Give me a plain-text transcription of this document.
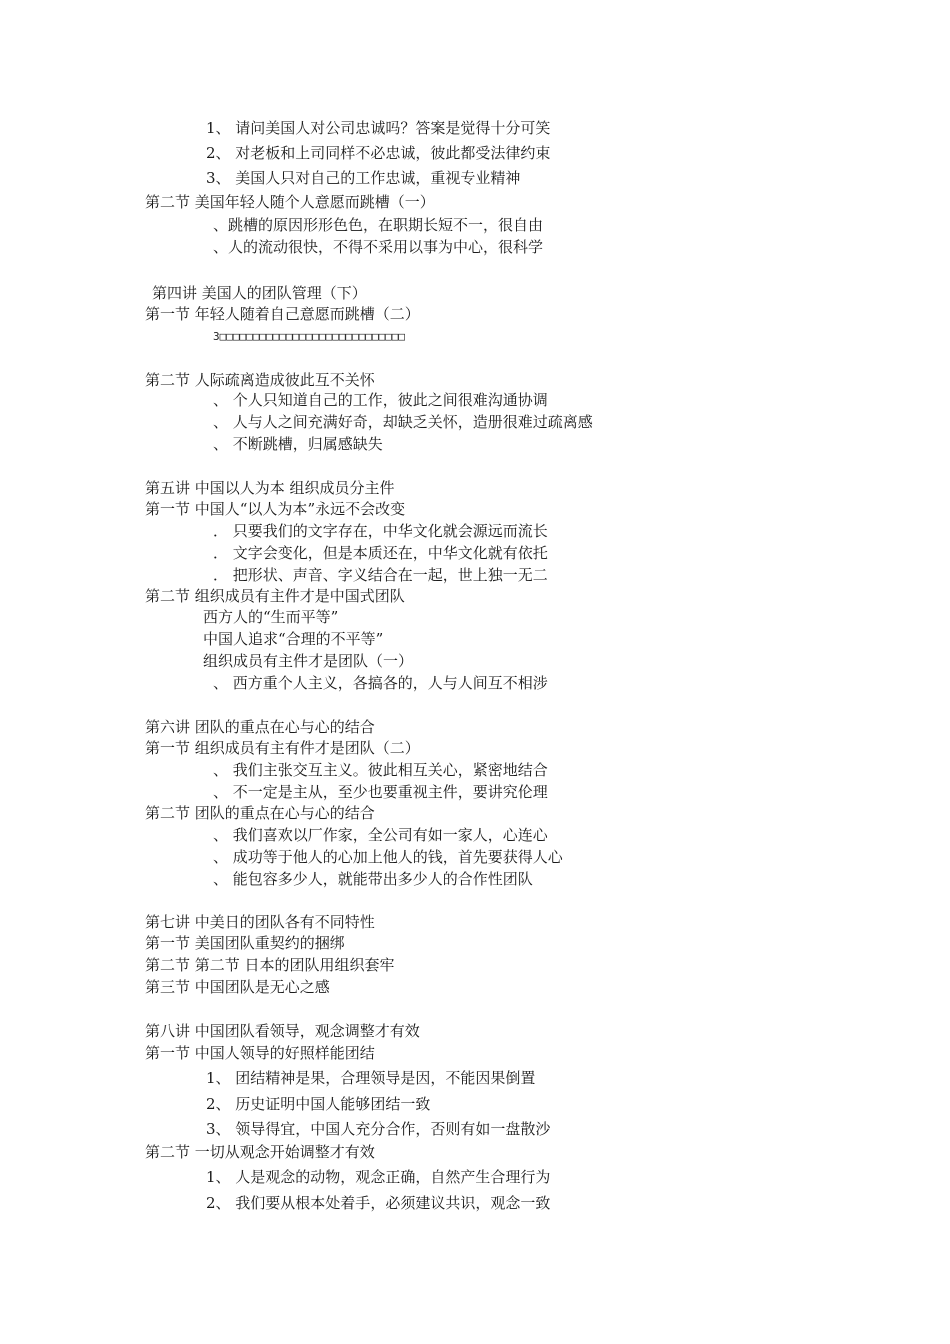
1、 请问美国人对公司忠诚吗？答案是觉得十分可笑
2、 对老板和上司同样不必忠诚，彼此都受法律约束
3、 美国人只对自己的工作忠诚，重视专业精神
第二节 美国年轻人随个人意愿而跳槽（一）
、跳槽的原因形形色色，在职期长短不一，很自由
、人的流动很快，不得不采用以事为中心，很科学
第四讲 美国人的团队管理（下）
第一节 年轻人随着自己意愿而跳槽（二）
3□□□□□□□□□□□□□□□□□□□□□□□□□□□□
第二节 人际疏离造成彼此互不关怀
、 个人只知道自己的工作，彼此之间很难沟通协调
、 人与人之间充满好奇，却缺乏关怀，造册很难过疏离感
、 不断跳槽，归属感缺失
第五讲 中国以人为本 组织成员分主件
第一节 中国人“以人为本”永远不会改变
． 只要我们的文字存在，中华文化就会源远而流长
． 文字会变化，但是本质还在，中华文化就有依托
． 把形状、声音、字义结合在一起，世上独一无二
第二节 组织成员有主件才是中国式团队
西方人的“生而平等”
中国人追求“合理的不平等”
组织成员有主件才是团队（一）
、 西方重个人主义，各搞各的，人与人间互不相涉
第六讲 团队的重点在心与心的结合
第一节 组织成员有主有件才是团队（二）
、 我们主张交互主义。彼此相互关心，紧密地结合
、 不一定是主从，至少也要重视主件，要讲究伦理
第二节 团队的重点在心与心的结合
、 我们喜欢以厂作家，全公司有如一家人，心连心
、 成功等于他人的心加上他人的钱，首先要获得人心
、 能包容多少人，就能带出多少人的合作性团队
第七讲 中美日的团队各有不同特性
第一节 美国团队重契约的捆绑
第二节 第二节 日本的团队用组织套牢
第三节 中国团队是无心之感
第八讲 中国团队看领导，观念调整才有效
第一节 中国人领导的好照样能团结
1、 团结精神是果，合理领导是因，不能因果倒置
2、 历史证明中国人能够团结一致
3、 领导得宜，中国人充分合作，否则有如一盘散沙
第二节 一切从观念开始调整才有效
1、 人是观念的动物，观念正确，自然产生合理行为
2、 我们要从根本处着手，必须建议共识，观念一致
